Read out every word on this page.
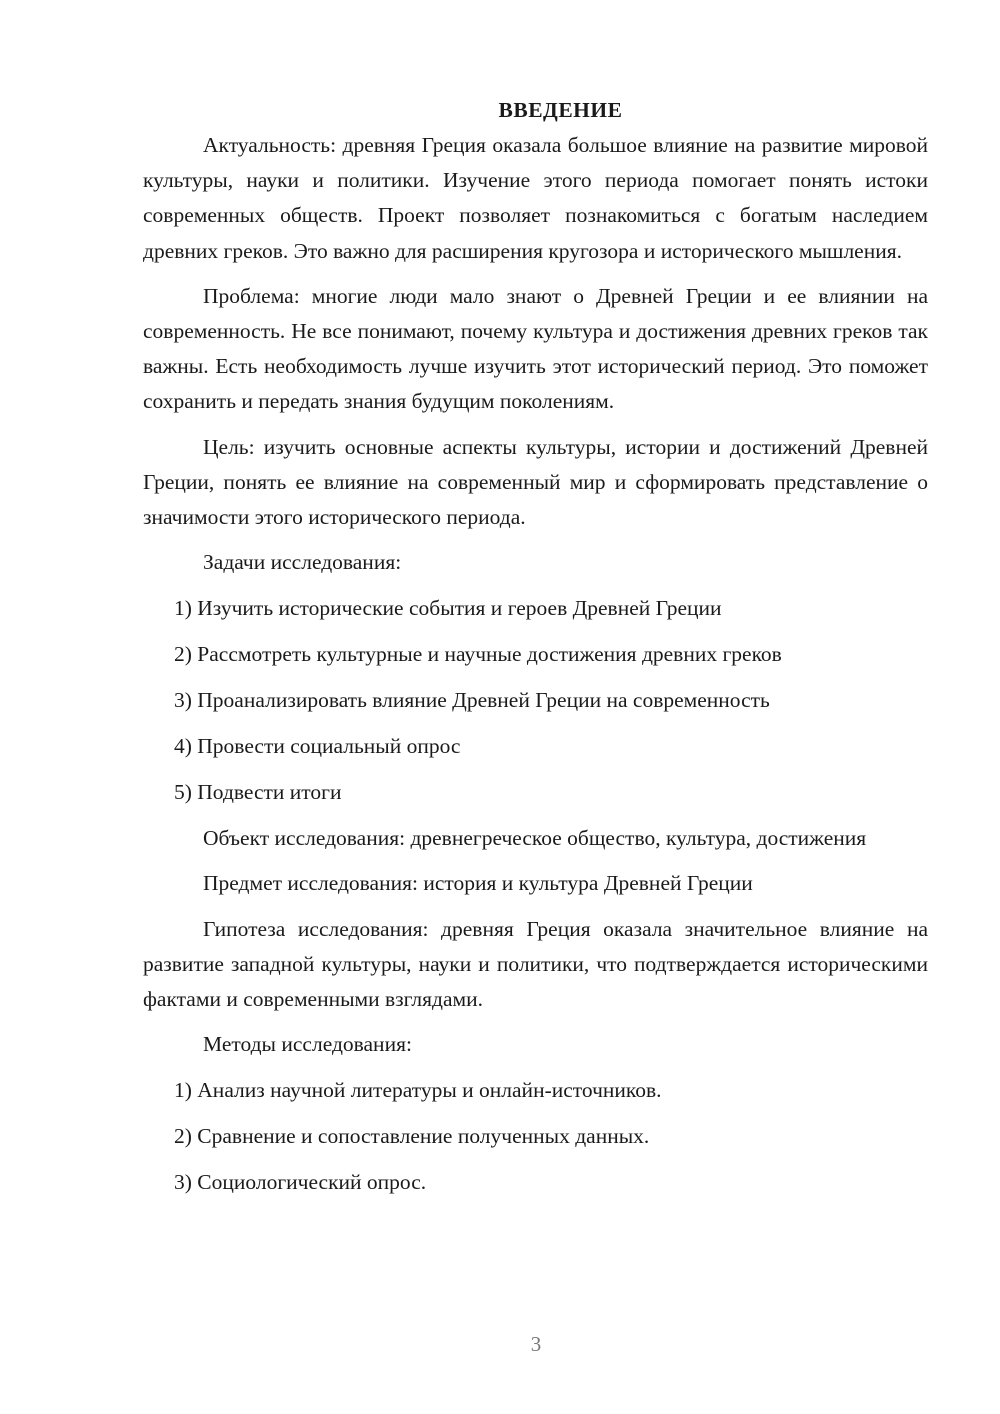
ВВЕДЕНИЕ

Актуальность: древняя Греция оказала большое влияние на развитие мировой культуры, науки и политики. Изучение этого периода помогает понять истоки современных обществ. Проект позволяет познакомиться с богатым наследием древних греков. Это важно для расширения кругозора и исторического мышления.

Проблема: многие люди мало знают о Древней Греции и ее влиянии на современность. Не все понимают, почему культура и достижения древних греков так важны. Есть необходимость лучше изучить этот исторический период. Это поможет сохранить и передать знания будущим поколениям.

Цель: изучить основные аспекты культуры, истории и достижений Древней Греции, понять ее влияние на современный мир и сформировать представление о значимости этого исторического периода.

Задачи исследования:
1) Изучить исторические события и героев Древней Греции
2) Рассмотреть культурные и научные достижения древних греков
3) Проанализировать влияние Древней Греции на современность
4) Провести социальный опрос
5) Подвести итоги

Объект исследования: древнегреческое общество, культура, достижения

Предмет исследования: история и культура Древней Греции

Гипотеза исследования: древняя Греция оказала значительное влияние на развитие западной культуры, науки и политики, что подтверждается историческими фактами и современными взглядами.

Методы исследования:
1) Анализ научной литературы и онлайн-источников.
2) Сравнение и сопоставление полученных данных.
3) Социологический опрос.
3
